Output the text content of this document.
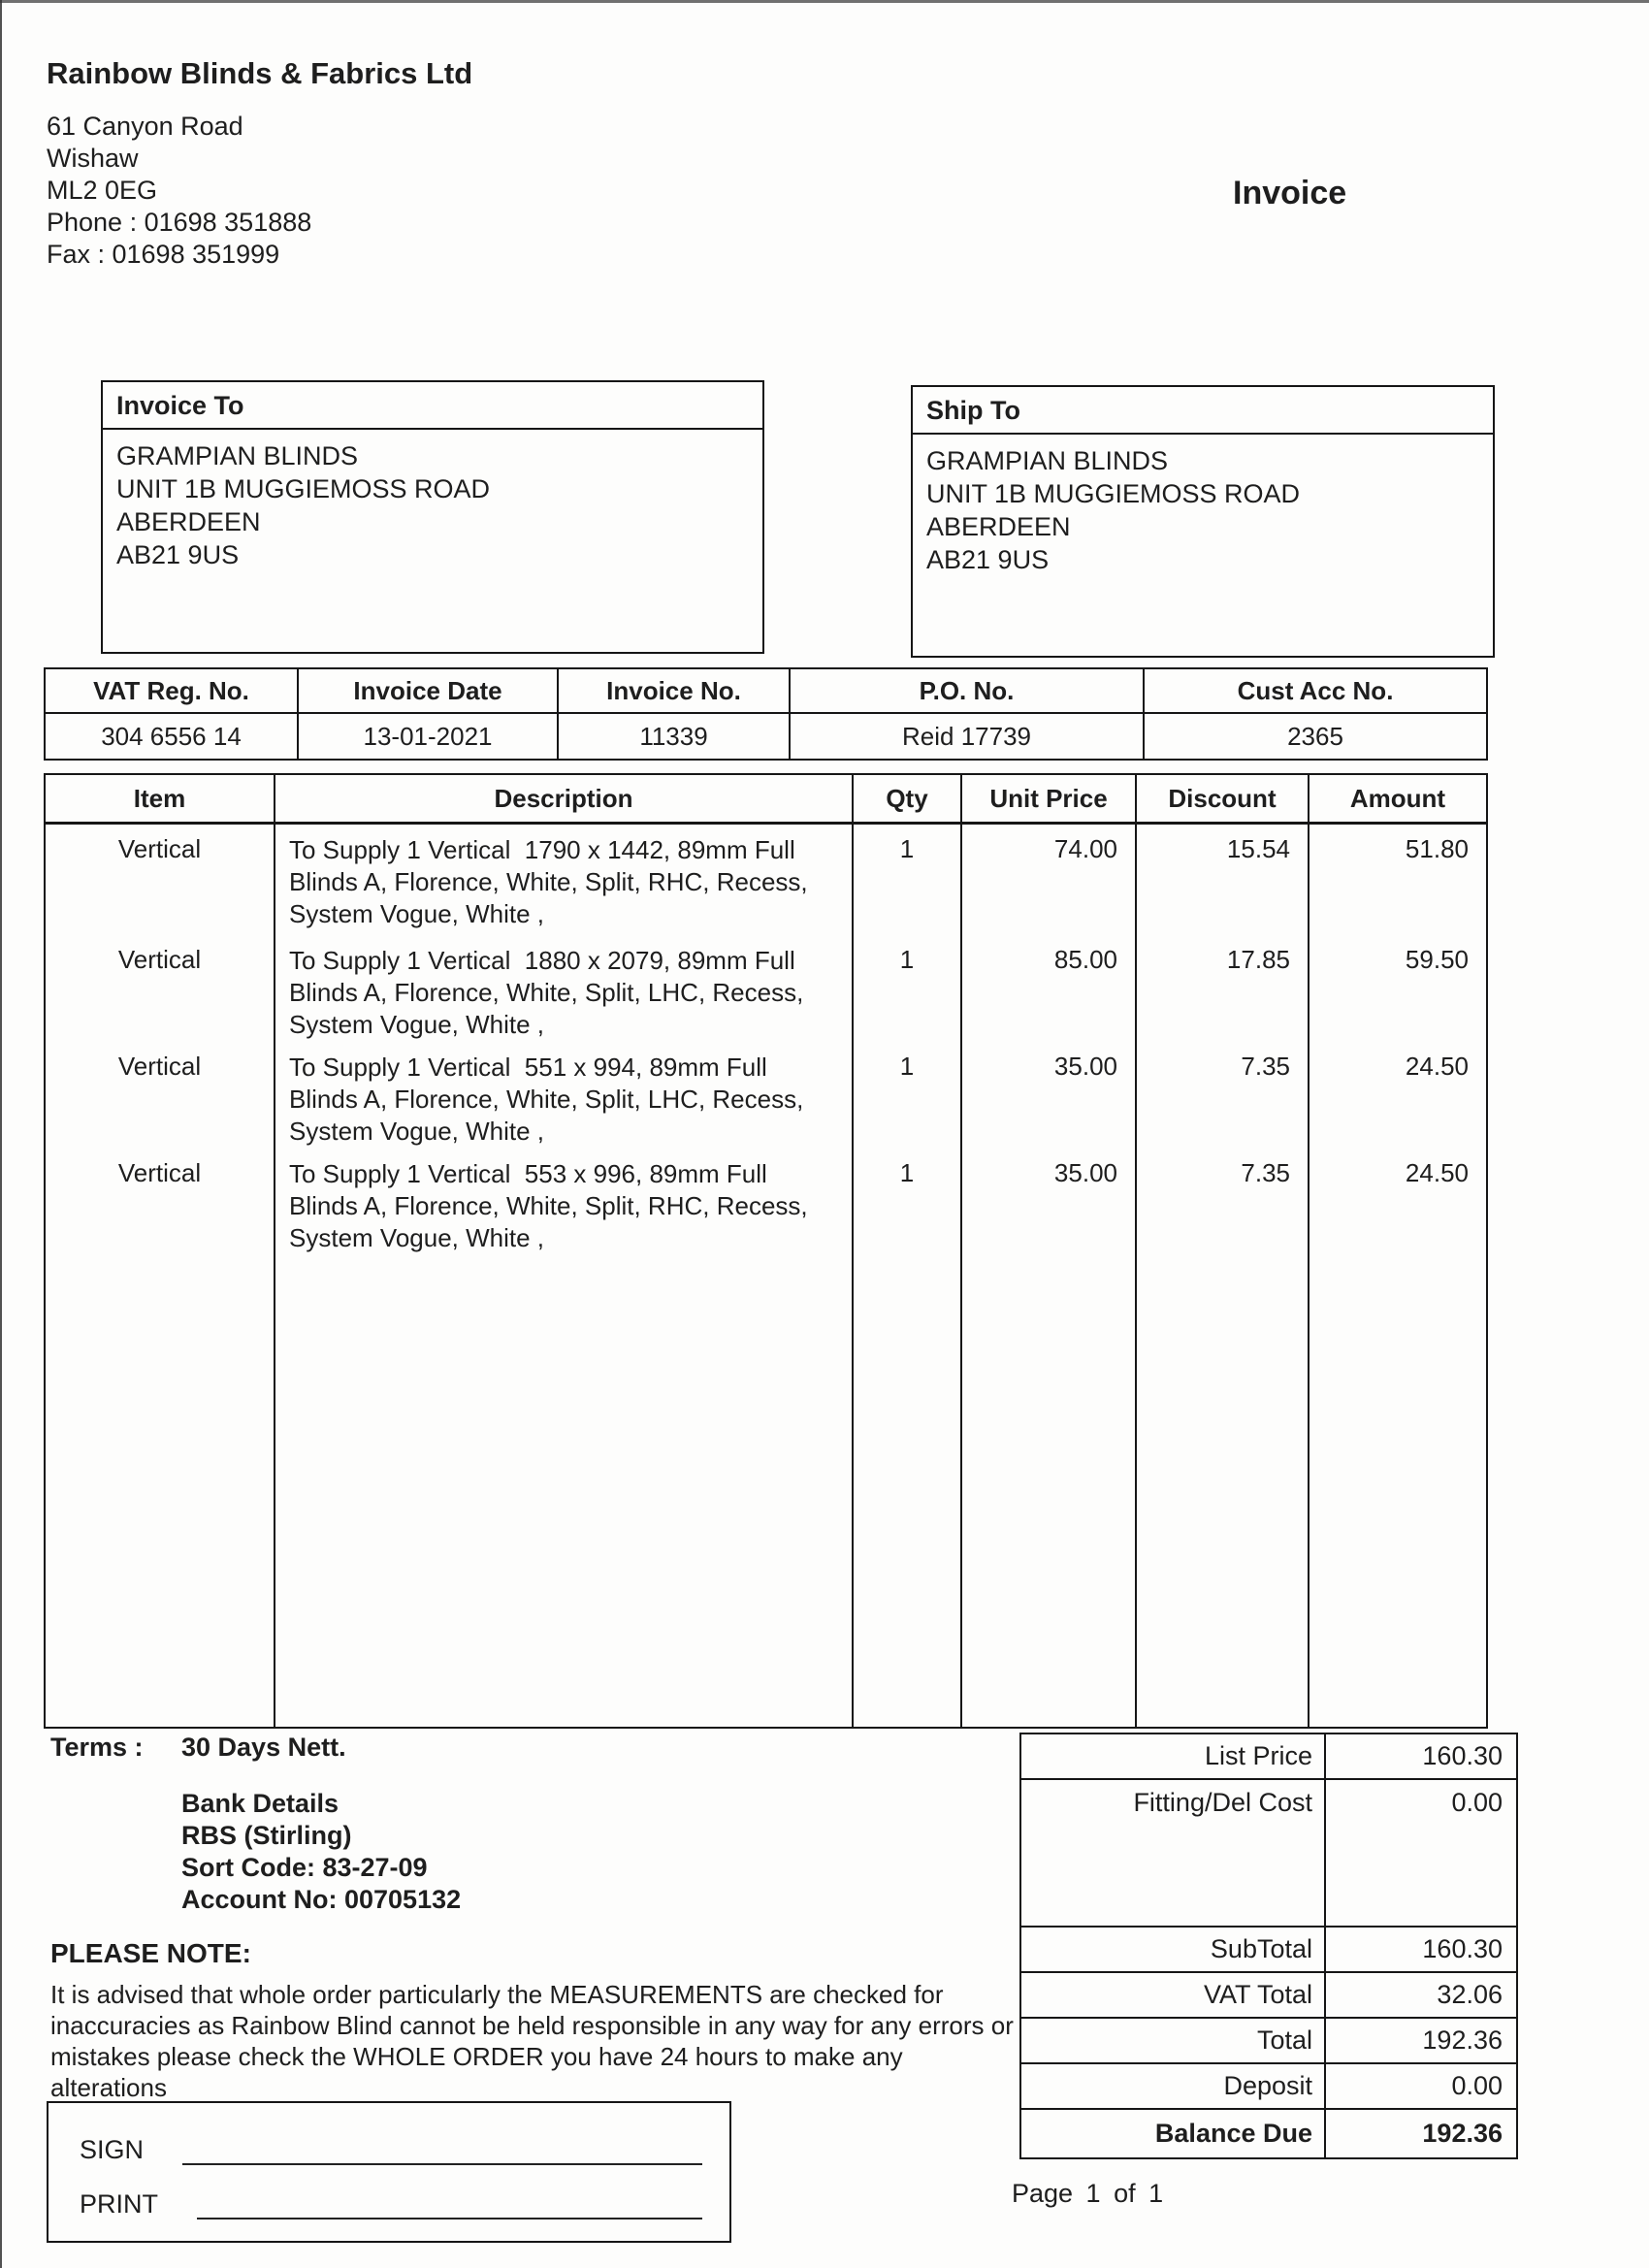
Rainbow Blinds & Fabrics Ltd
61 Canyon Road
Wishaw
ML2 0EG
Phone : 01698 351888
Fax : 01698 351999
Invoice
Invoice To
GRAMPIAN BLINDS
UNIT 1B MUGGIEMOSS ROAD
ABERDEEN
AB21 9US
Ship To
GRAMPIAN BLINDS
UNIT 1B MUGGIEMOSS ROAD
ABERDEEN
AB21 9US
VAT Reg. No.	Invoice Date	Invoice No.	P.O. No.	Cust Acc No.
304 6556 14	13-01-2021	11339	Reid 17739	2365
Item	Description	Qty	Unit Price	Discount	Amount
Vertical	To Supply 1 Vertical  1790 x 1442, 89mm Full Blinds A, Florence, White, Split, RHC, Recess, System Vogue, White ,	1	74.00	15.54	51.80
Vertical	To Supply 1 Vertical  1880 x 2079, 89mm Full Blinds A, Florence, White, Split, LHC, Recess, System Vogue, White ,	1	85.00	17.85	59.50
Vertical	To Supply 1 Vertical  551 x 994, 89mm Full Blinds A, Florence, White, Split, LHC, Recess, System Vogue, White ,	1	35.00	7.35	24.50
Vertical	To Supply 1 Vertical  553 x 996, 89mm Full Blinds A, Florence, White, Split, RHC, Recess, System Vogue, White ,	1	35.00	7.35	24.50

Terms : 30 Days Nett.
Bank Details
RBS (Stirling)
Sort Code: 83-27-09
Account No: 00705132
PLEASE NOTE:

It is advised that whole order particularly the MEASUREMENTS are checked for inaccuracies as Rainbow Blind cannot be held responsible in any way for any errors or mistakes please check the WHOLE ORDER you have 24 hours to make any alterations

List Price	160.30
Fitting/Del Cost	0.00
SubTotal	160.30
VAT Total	32.06
Total	192.36
Deposit	0.00
Balance Due	192.36
SIGN
PRINT	Page 1 of 1
